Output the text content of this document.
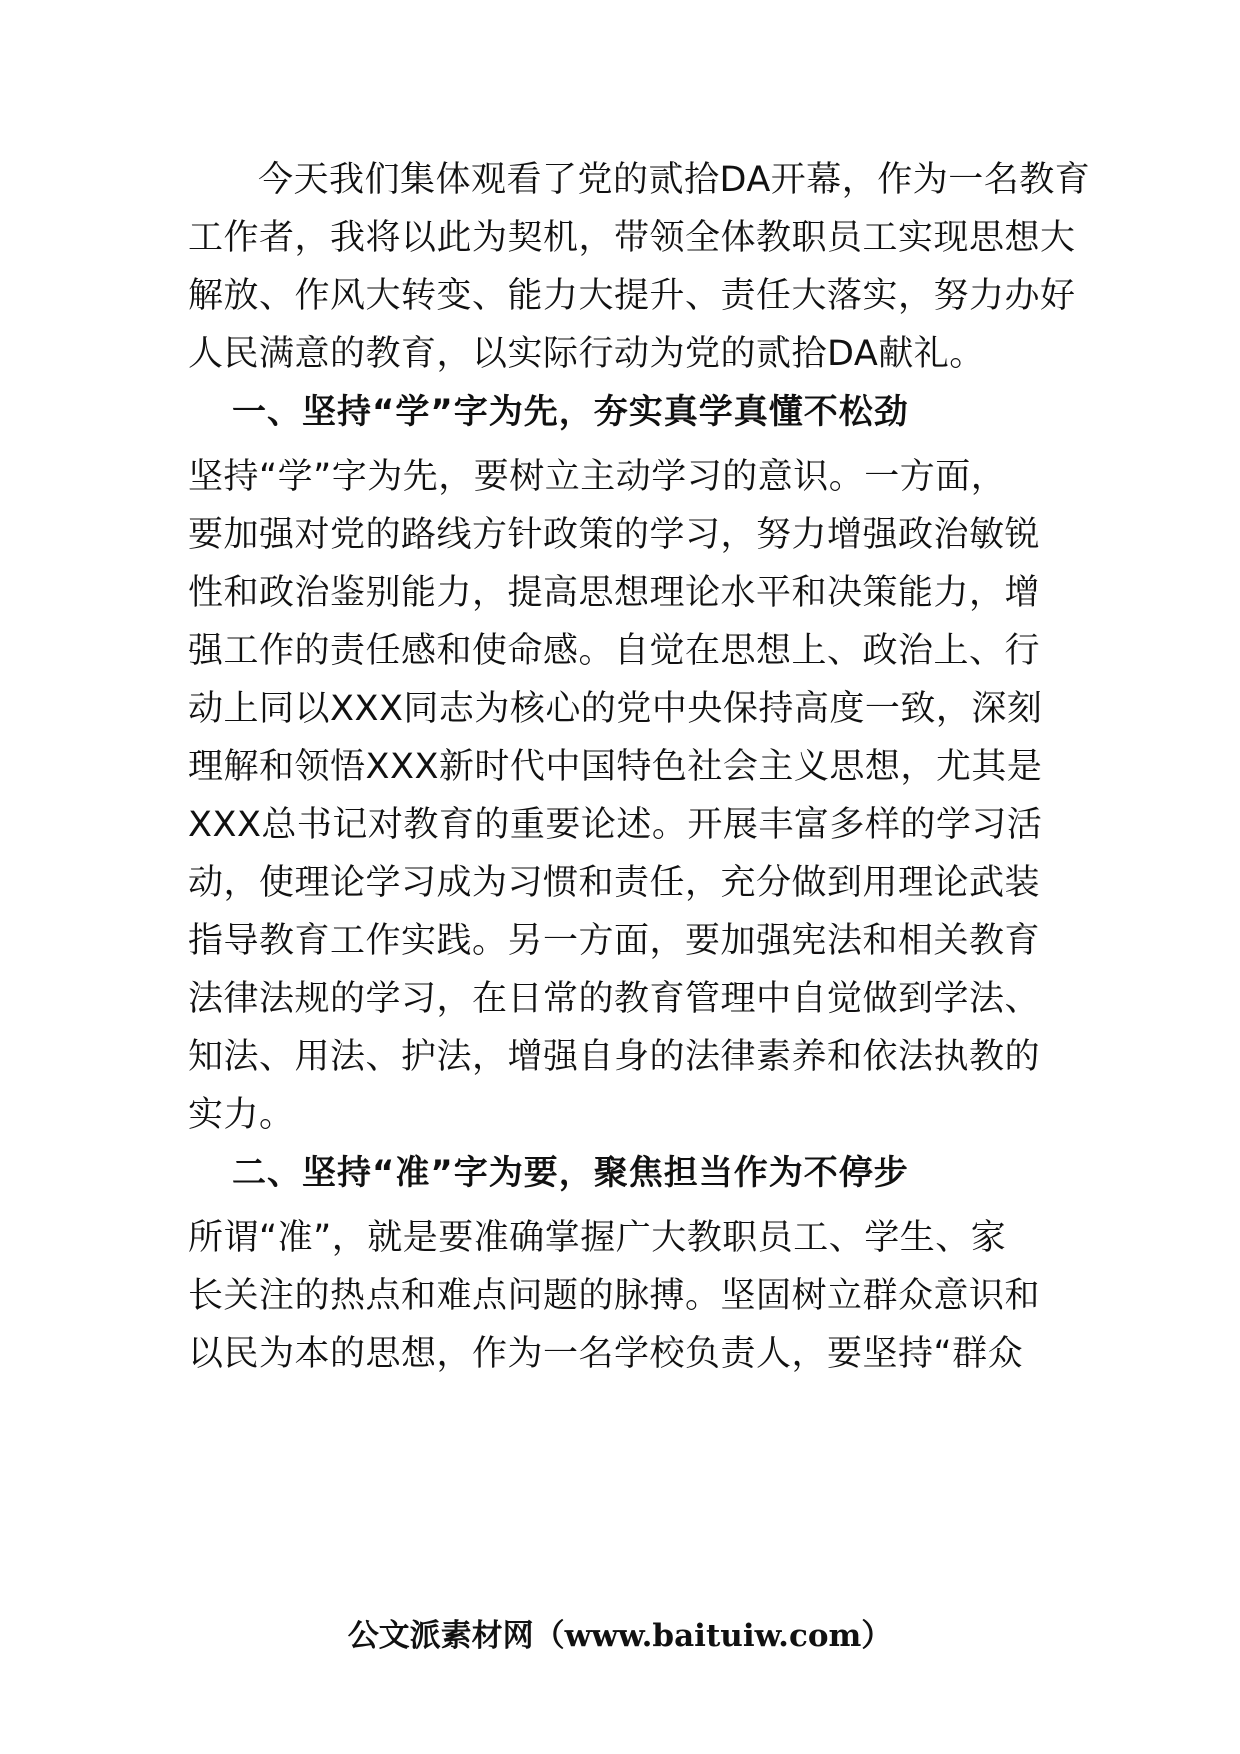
今天我们集体观看了党的贰拾DA开幕，作为一名教育
工作者，我将以此为契机，带领全体教职员工实现思想大
解放、作风大转变、能力大提升、责任大落实，努力办好
人民满意的教育，以实际行动为党的贰拾DA献礼。
一、坚持“学”字为先，夯实真学真懂不松劲
坚持“学”字为先，要树立主动学习的意识。一方面，
要加强对党的路线方针政策的学习，努力增强政治敏锐
性和政治鉴别能力，提高思想理论水平和决策能力，增
强工作的责任感和使命感。自觉在思想上、政治上、行
动上同以XXX同志为核心的党中央保持高度一致，深刻
理解和领悟XXX新时代中国特色社会主义思想，尤其是
XXX总书记对教育的重要论述。开展丰富多样的学习活
动，使理论学习成为习惯和责任，充分做到用理论武装
指导教育工作实践。另一方面，要加强宪法和相关教育
法律法规的学习，在日常的教育管理中自觉做到学法、
知法、用法、护法，增强自身的法律素养和依法执教的
实力。
二、坚持“准”字为要，聚焦担当作为不停步
所谓“准”，就是要准确掌握广大教职员工、学生、家
长关注的热点和难点问题的脉搏。坚固树立群众意识和
以民为本的思想，作为一名学校负责人，要坚持“群众
公文派素材网（www.baituiw.com）
